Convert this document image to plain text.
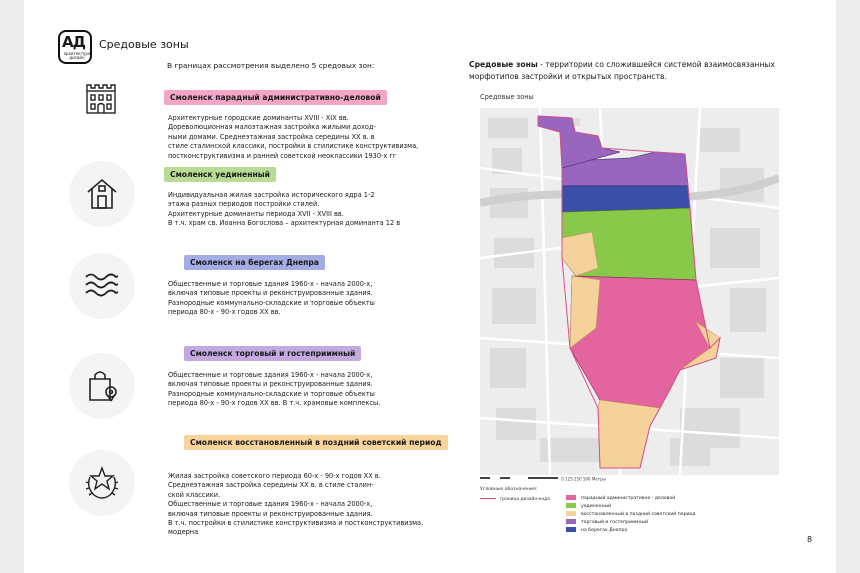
АД
архитектура дизайн
Средовые зоны
В границах рассмотрения выделено 5 средовых зон:
Смоленск парадный административно-деловой
Архитектурные городские доминанты XVIII - XIX вв.
Дореволюционная малоэтажная застройка жилыми доход-
ными домами. Среднеэтажная застройка середины XX в. в
стиле сталинской классики, постройки в стилистике конструктивизма,
постконструктивизма и ранней советской неоклассики 1930-х гг
Смоленск уединенный
Индивидуальная жилая застройка исторического ядра 1-2
этажа разных периодов постройки стилей.
Архитектурные доминанты периода XVII - XVIII вв.
В т.ч. храм св. Иоанна Богослова – архитектурная доминанта 12 в
Смоленск на берегах Днепра
Общественные и торговые здания 1960-х - начала 2000-х,
включая типовые проекты и реконструированные здания.
Разнородные коммунально-складские и торговые объекты
периода 80-х - 90-х годов XX вв.
Смоленск торговый и гостеприимный
Общественные и торговые здания 1960-х - начала 2000-х,
включая типовые проекты и реконструированные здания.
Разнородные коммунально-складские и торговые объекты
периода 80-х - 90-х годов XX вв. В т.ч. храмовые комплексы.
Смоленск восстановленный в поздний советский период
Жилая застройка советского периода 60-х - 90-х годов XX в.
Среднеэтажная застройка середины XX в. в стиле сталин-
ской классики.
Общественные и торговые здания 1960-х - начала 2000-х,
включая типовые проекты и реконструированные здания.
В т.ч. постройки в стилистике конструктивизма и постконструктивизма,
модерна
Средовые зоны - территории со сложившейся системой взаимосвязанных морфотипов застройки и открытых пространств.
Средовые зоны
0 125 250 500 Метры
Условные обозначения:
граница дизайн-кода	парадный административно - деловой
уединенный
восстановленный в поздний советский период
торговый и гостеприимный
на берегах Днепра
8
